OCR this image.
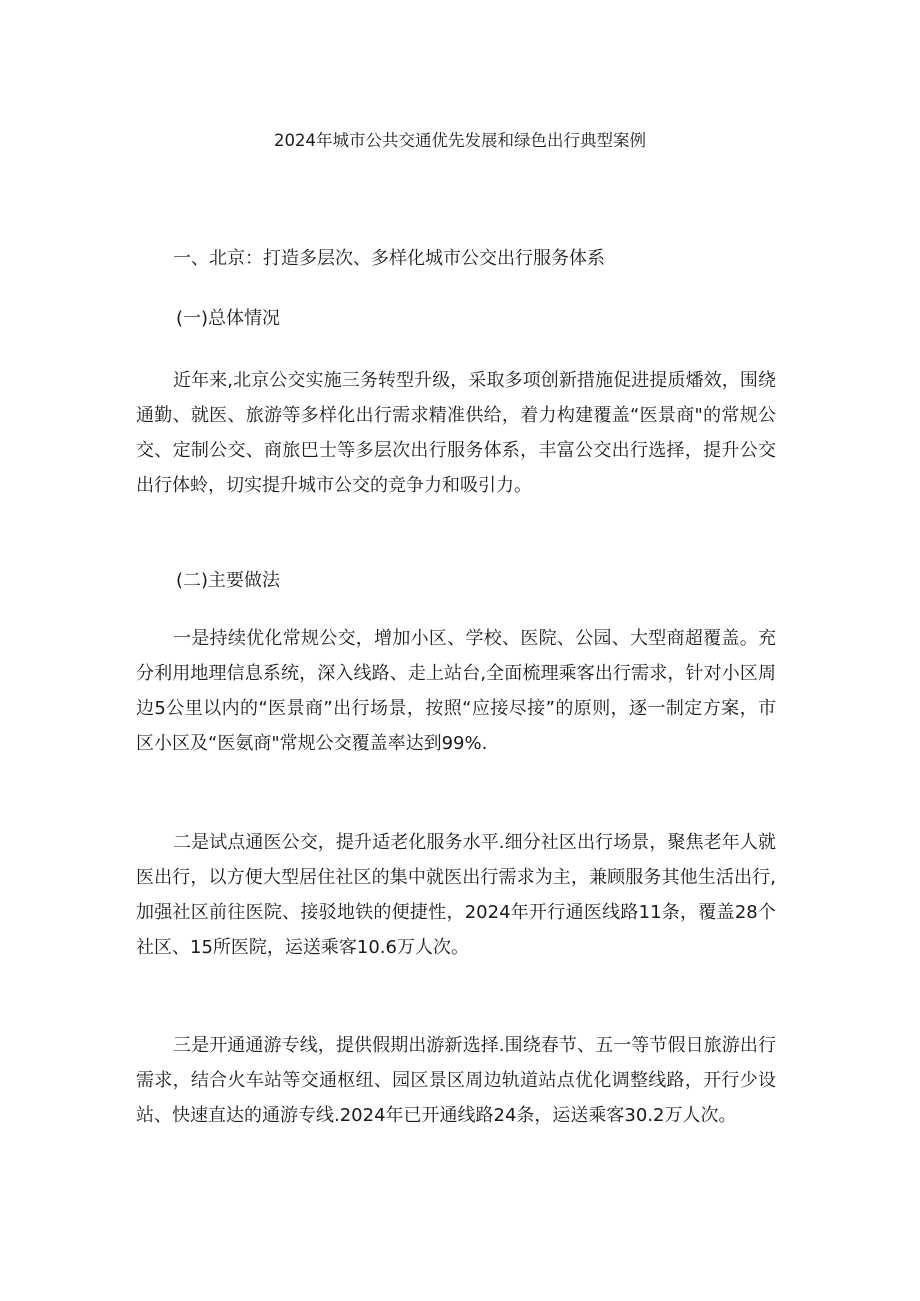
2024年城市公共交通优先发展和绿色出行典型案例
一、北京：打造多层次、多样化城市公交出行服务体系
(一)总体情况

近年来,北京公交实施三务转型升级，采取多项创新措施促进提质燔效，围绕通勤、就医、旅游等多样化出行需求精准供给，着力构建覆盖“医景商"的常规公交、定制公交、商旅巴士等多层次出行服务体系，丰富公交出行选择，提升公交出行体蛉，切实提升城市公交的竞争力和吸引力。

(二)主要做法

一是持续优化常规公交，增加小区、学校、医院、公园、大型商超覆盖。充分利用地理信息系统，深入线路、走上站台,全面梳理乘客出行需求，针对小区周边5公里以内的“医景商”出行场景，按照“应接尽接”的原则，逐一制定方案，市区小区及“医氨商"常规公交覆盖率达到99%.

二是试点通医公交，提升适老化服务水平.细分社区出行场景，聚焦老年人就医出行，以方便大型居住社区的集中就医出行需求为主，兼顾服务其他生活出行,加强社区前往医院、接驳地铁的便捷性，2024年开行通医线路11条，覆盖28个社区、15所医院，运送乘客10.6万人次。

三是开通通游专线，提供假期出游新选择.围绕春节、五一等节假日旅游出行需求，结合火车站等交通枢纽、园区景区周边轨道站点优化调整线路，开行少设站、快速直达的通游专线.2024年已开通线路24条，运送乘客30.2万人次。
